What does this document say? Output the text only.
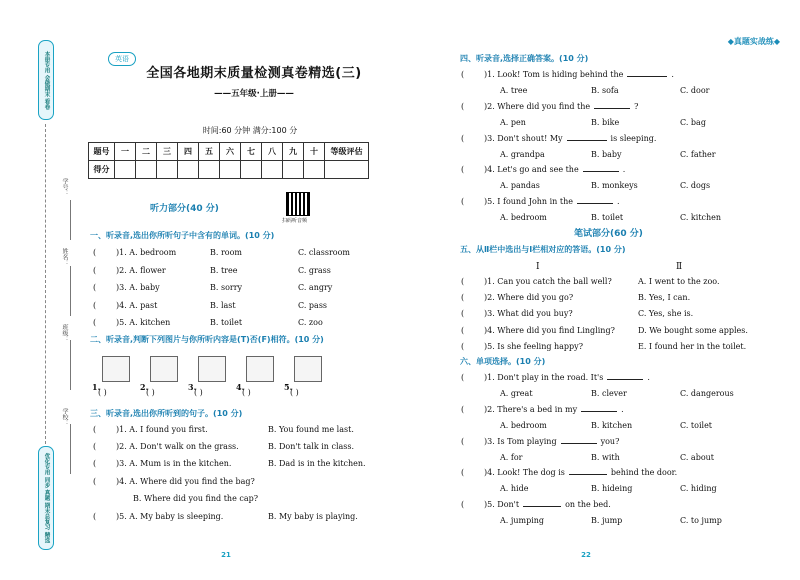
本册专用 会做期末 看卷
优化专用 同步 真题 期末总复习 精选
学号：
姓名：
班级：
学校：
◆真题实战练◆
英语
全国各地期末质量检测真卷精选(三)
——五年级·上册——
时间:60 分钟 满分:100 分
题号	一	二	三	四	五	六	七	八	九	十	等级评估
得分											
扫码听音频
听力部分(40 分)
一、听录音,选出你所听句子中含有的单词。(10 分)
( )1. A. bedroom	B. room	C. classroom
( )2. A. flower	B. tree	C. grass
( )3. A. baby	B. sorry	C. angry
( )4. A. past	B. last	C. pass
( )5. A. kitchen	B. toilet	C. zoo
二、听录音,判断下列图片与你所听内容是(T)否(F)相符。(10 分)
1.
( )
2.
( )
3.
( )
4.
( )
5.
( )
三、听录音,选出你所听到的句子。(10 分)
( )1. A. I found you first.	B. You found me last.
( )2. A. Don't walk on the grass.	B. Don't talk in class.
( )3. A. Mum is in the kitchen.	B. Dad is in the kitchen.
( )4. A. Where did you find the bag?
B. Where did you find the cap?
( )5. A. My baby is sleeping.	B. My baby is playing.
四、听录音,选择正确答案。(10 分)
( )1. Look! Tom is hiding behind the	.
A. tree	B. sofa	C. door
( )2. Where did you find the	?
A. pen	B. bike	C. bag
( )3. Don't shout! My	is sleeping.
A. grandpa	B. baby	C. father
( )4. Let's go and see the	.
A. pandas	B. monkeys	C. dogs
( )5. I found John in the	.
A. bedroom	B. toilet	C. kitchen
笔试部分(60 分)
五、从Ⅱ栏中选出与Ⅰ栏相对应的答语。(10 分)
Ⅰ	Ⅱ
( )1. Can you catch the ball well?	A. I went to the zoo.
( )2. Where did you go?	B. Yes, I can.
( )3. What did you buy?	C. Yes, she is.
( )4. Where did you find Lingling?	D. We bought some apples.
( )5. Is she feeling happy?	E. I found her in the toilet.
六、单项选择。(10 分)
( )1. Don't play in the road. It's	.
A. great	B. clever	C. dangerous
( )2. There's a bed in my	.
A. bedroom	B. kitchen	C. toilet
( )3. Is Tom playing	you?
A. for	B. with	C. about
( )4. Look! The dog is	behind the door.
A. hide	B. hideing	C. hiding
( )5. Don't	on the bed.
A. jumping	B. jump	C. to jump
21	22
